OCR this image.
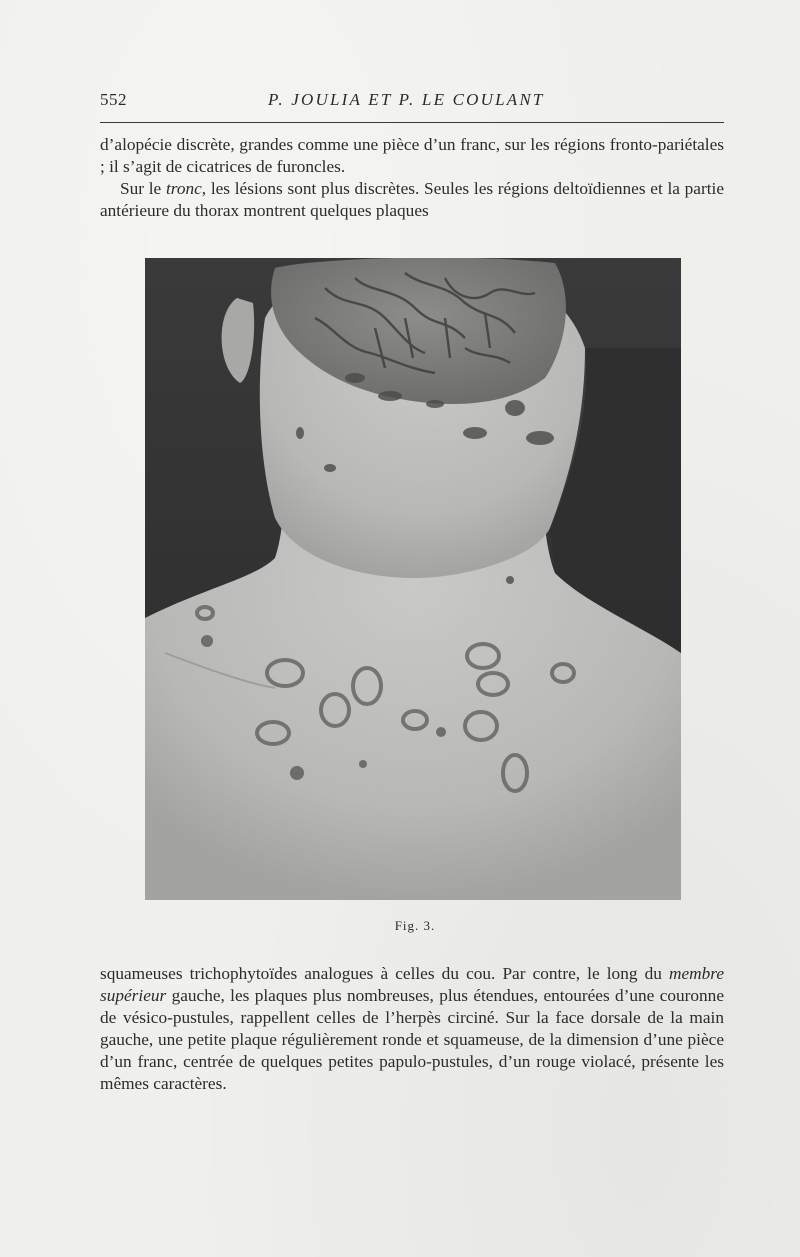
552	P. JOULIA ET P. LE COULANT

d’alopécie discrète, grandes comme une pièce d’un franc, sur les régions fronto-pariétales ; il s’agit de cicatrices de furoncles.

Sur le tronc, les lésions sont plus discrètes. Seules les régions deltoïdiennes et la partie antérieure du thorax montrent quelques plaques

Fig. 3.

squameuses trichophytoïdes analogues à celles du cou. Par contre, le long du membre supérieur gauche, les plaques plus nombreuses, plus étendues, entourées d’une couronne de vésico-pustules, rappellent celles de l’herpès circiné. Sur la face dorsale de la main gauche, une petite plaque régulièrement ronde et squameuse, de la dimension d’une pièce d’un franc, centrée de quelques petites papulo-pustules, d’un rouge violacé, présente les mêmes caractères.
